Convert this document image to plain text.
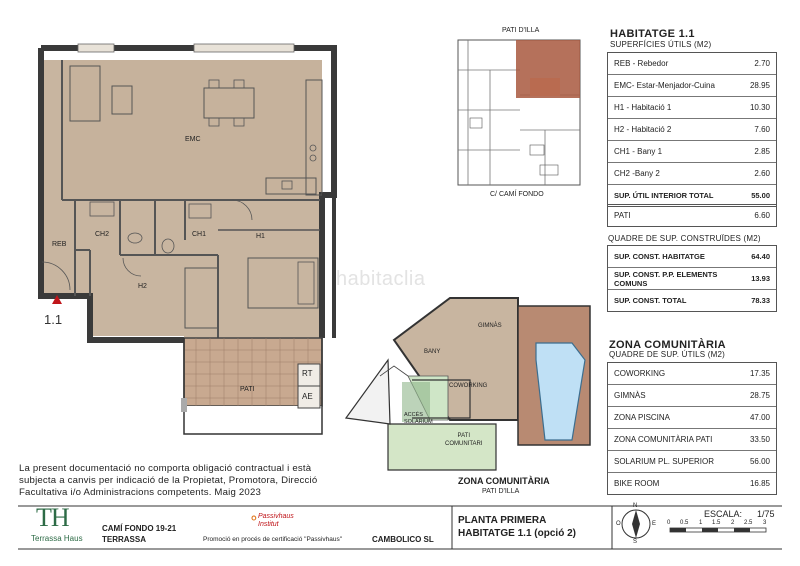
EMC
REB
CH2	CH1	H1
H2
PATI
RT
AE
1.1
PATI D'ILLA
C/ CAMÍ FONDO
GIMNÀS
BANY
COWORKING
ACCÉS
SOLARIUM
PATI
COMUNITARI
ZONA COMUNITÀRIA
PATI D'ILLA
habitaclia
HABITATGE 1.1
SUPERFÍCIES ÚTILS (M2)
REB - Rebedor	2.70
EMC- Estar-Menjador-Cuina	28.95
H1 - Habitació 1	10.30
H2 - Habitació 2	7.60
CH1 - Bany 1	2.85
CH2 -Bany 2	2.60
SUP. ÚTIL INTERIOR TOTAL	55.00
PATI	6.60
QUADRE DE SUP. CONSTRUÏDES (M2)
SUP. CONST. HABITATGE	64.40
SUP. CONST. P.P. ELEMENTS COMUNS	13.93
SUP. CONST. TOTAL	78.33
ZONA COMUNITÀRIA
QUADRE DE SUP. ÚTILS (M2)
COWORKING	17.35
GIMNÀS	28.75
ZONA PISCINA	47.00
ZONA COMUNITÀRIA PATI	33.50
SOLARIUM PL. SUPERIOR	56.00
BIKE ROOM	16.85
La present documentació no comporta obligació contractual i està subjecta a canvis per indicació de la Propietat, Promotora, Direcció Facultativa i/o Administracions competents. Maig 2023
TH
Terrassa Haus
CAMÍ FONDO 19-21
TERRASSA
⚬
Passivhaus
Institut
Promoció en procés de certificació "Passivhaus"	CAMBOLICO SL
PLANTA PRIMERA
HABITATGE 1.1 (opció 2)
ESCALA: 1/75
0 0.5 1 1.5 2 2.5 3
N
S
E
O
